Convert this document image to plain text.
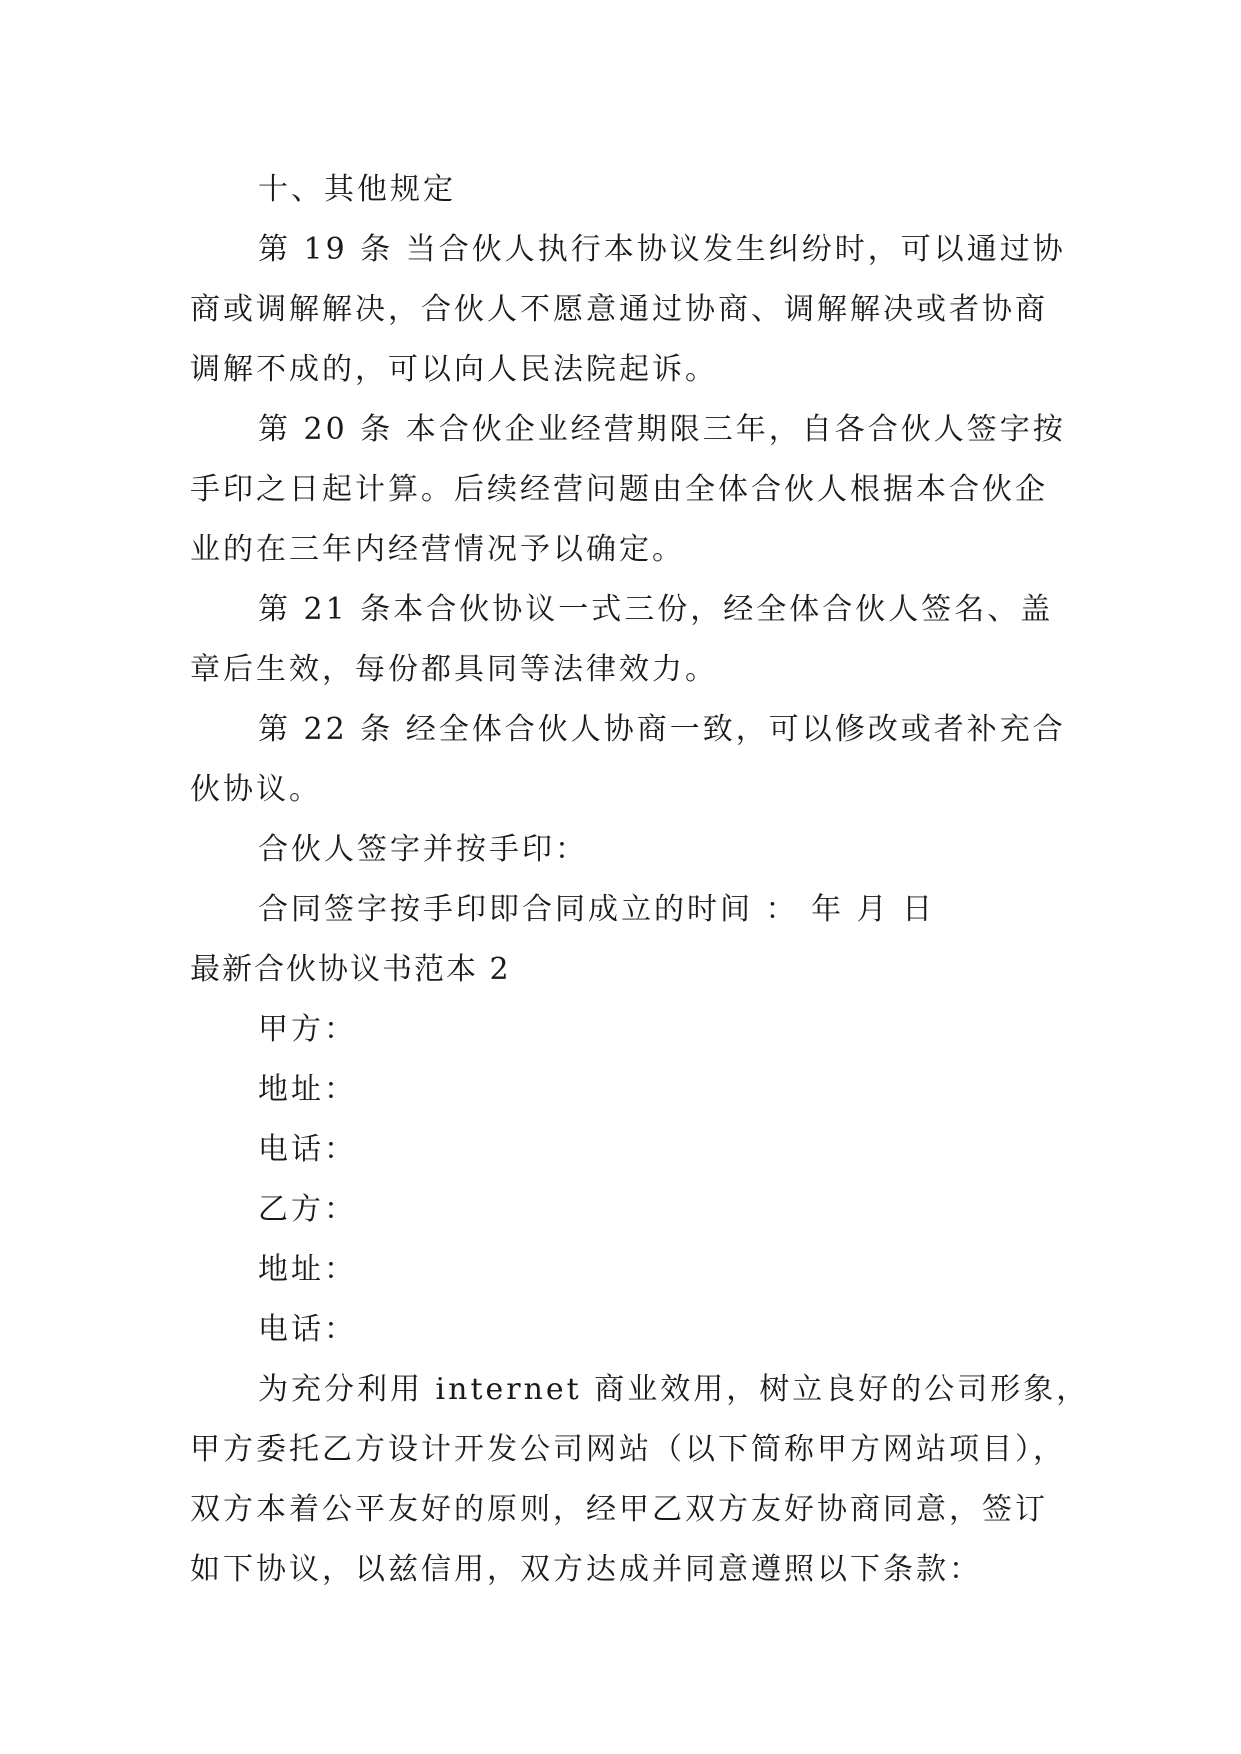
十、其他规定
第 19 条 当合伙人执行本协议发生纠纷时，可以通过协
商或调解解决，合伙人不愿意通过协商、调解解决或者协商
调解不成的，可以向人民法院起诉。
第 20 条 本合伙企业经营期限三年，自各合伙人签字按
手印之日起计算。后续经营问题由全体合伙人根据本合伙企
业的在三年内经营情况予以确定。
第 21 条本合伙协议一式三份，经全体合伙人签名、盖
章后生效，每份都具同等法律效力。
第 22 条 经全体合伙人协商一致，可以修改或者补充合
伙协议。
合伙人签字并按手印：
合同签字按手印即合同成立的时间 ： 年 月 日
最新合伙协议书范本 2
甲方：
地址：
电话：
乙方：
地址：
电话：
为充分利用 internet 商业效用，树立良好的公司形象，
甲方委托乙方设计开发公司网站（以下简称甲方网站项目），
双方本着公平友好的原则，经甲乙双方友好协商同意，签订
如下协议，以兹信用，双方达成并同意遵照以下条款：
